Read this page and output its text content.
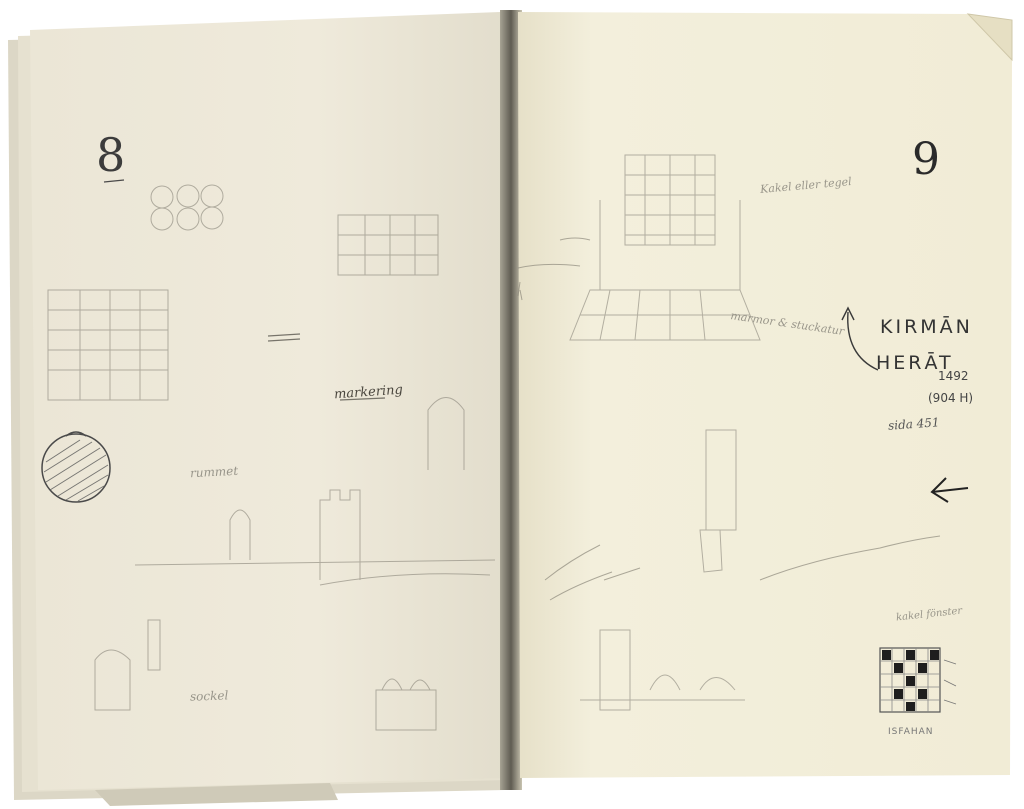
8
rummet
markering
sockel
9
Kakel eller tegel
marmor & stuckatur KIRMĀN
HERĀT
1492
(904 H)
sida 451
kakel fönster
ISFAHAN
